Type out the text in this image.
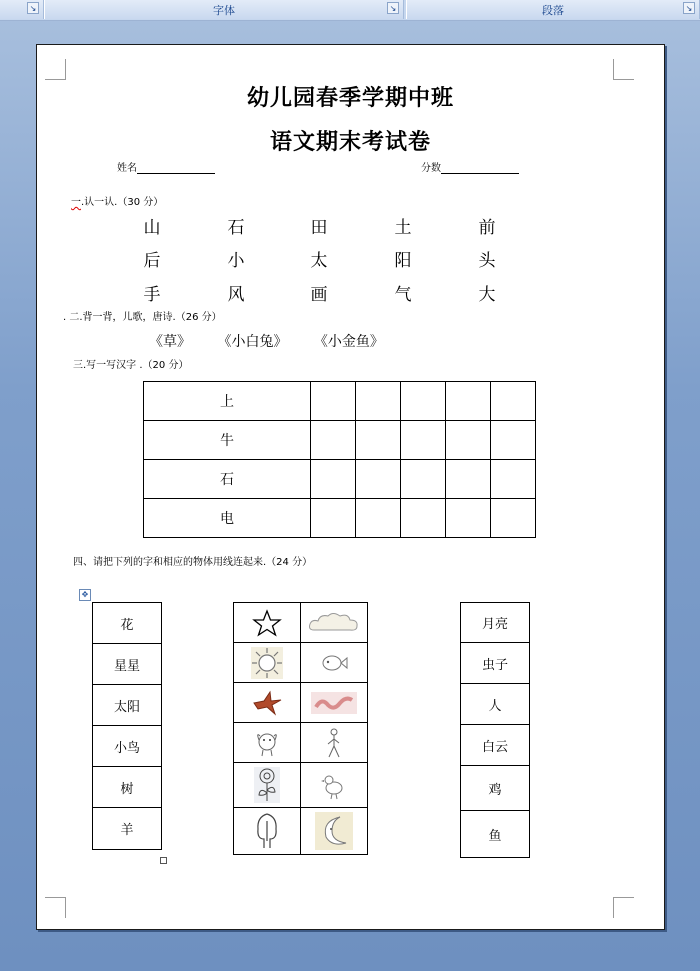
↘	字体	↘	段落	↘
幼儿园春季学期中班
语文期末考试卷
姓名	分数
一.认一认.（30 分）
山	石	田	土	前
后	小	太	阳	头
手	风	画	气	大
. 二.背一背，儿歌，唐诗.（26 分）
《草》 《小白兔》 《小金鱼》
三.写一写汉字 .（20 分）
上					
牛					
石					
电					
四、请把下列的字和相应的物体用线连起来.（24 分）
✥
花
星星
太阳
小鸟
树
羊

月亮
虫子
人
白云
鸡
鱼
